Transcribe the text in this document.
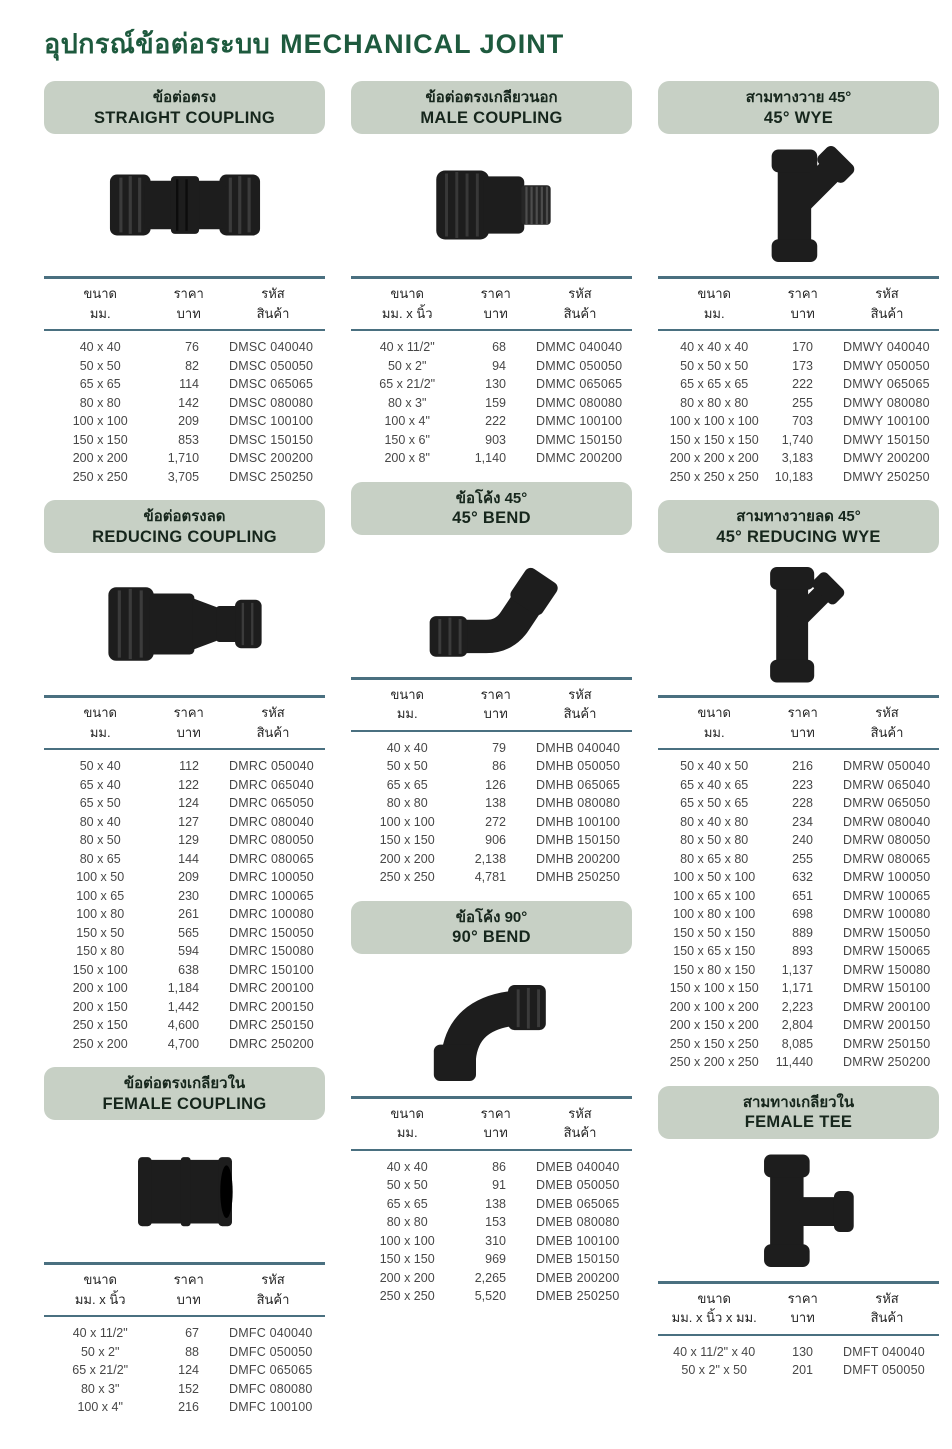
อุปกรณ์ข้อต่อระบบ MECHANICAL JOINT
ข้อต่อตรง
STRAIGHT COUPLING
ขนาด
มม.

ราคา
บาท

รหัส
สินค้า

40 x 40	76	DMSC 040040
50 x 50	82	DMSC 050050
65 x 65	114	DMSC 065065
80 x 80	142	DMSC 080080
100 x 100	209	DMSC 100100
150 x 150	853	DMSC 150150
200 x 200	1,710	DMSC 200200
250 x 250	3,705	DMSC 250250
ข้อต่อตรงลด
REDUCING COUPLING
ขนาด
มม.

ราคา
บาท

รหัส
สินค้า

50 x 40	112	DMRC 050040
65 x 40	122	DMRC 065040
65 x 50	124	DMRC 065050
80 x 40	127	DMRC 080040
80 x 50	129	DMRC 080050
80 x 65	144	DMRC 080065
100 x 50	209	DMRC 100050
100 x 65	230	DMRC 100065
100 x 80	261	DMRC 100080
150 x 50	565	DMRC 150050
150 x 80	594	DMRC 150080
150 x 100	638	DMRC 150100
200 x 100	1,184	DMRC 200100
200 x 150	1,442	DMRC 200150
250 x 150	4,600	DMRC 250150
250 x 200	4,700	DMRC 250200
ข้อต่อตรงเกลียวใน
FEMALE COUPLING
ขนาด
มม. x นิ้ว

ราคา
บาท

รหัส
สินค้า

40 x 11/2"	67	DMFC 040040
50 x 2"	88	DMFC 050050
65 x 21/2"	124	DMFC 065065
80 x 3"	152	DMFC 080080
100 x 4"	216	DMFC 100100
ข้อต่อตรงเกลียวนอก
MALE COUPLING
ขนาด
มม. x นิ้ว

ราคา
บาท

รหัส
สินค้า

40 x 11/2"	68	DMMC 040040
50 x 2"	94	DMMC 050050
65 x 21/2"	130	DMMC 065065
80 x 3"	159	DMMC 080080
100 x 4"	222	DMMC 100100
150 x 6"	903	DMMC 150150
200 x 8"	1,140	DMMC 200200
ข้อโค้ง 45°
45° BEND
ขนาด
มม.

ราคา
บาท

รหัส
สินค้า

40 x 40	79	DMHB 040040
50 x 50	86	DMHB 050050
65 x 65	126	DMHB 065065
80 x 80	138	DMHB 080080
100 x 100	272	DMHB 100100
150 x 150	906	DMHB 150150
200 x 200	2,138	DMHB 200200
250 x 250	4,781	DMHB 250250
ข้อโค้ง 90°
90° BEND
ขนาด
มม.

ราคา
บาท

รหัส
สินค้า

40 x 40	86	DMEB 040040
50 x 50	91	DMEB 050050
65 x 65	138	DMEB 065065
80 x 80	153	DMEB 080080
100 x 100	310	DMEB 100100
150 x 150	969	DMEB 150150
200 x 200	2,265	DMEB 200200
250 x 250	5,520	DMEB 250250
สามทางวาย 45°
45° WYE
ขนาด
มม.

ราคา
บาท

รหัส
สินค้า

40 x 40 x 40	170	DMWY 040040
50 x 50 x 50	173	DMWY 050050
65 x 65 x 65	222	DMWY 065065
80 x 80 x 80	255	DMWY 080080
100 x 100 x 100	703	DMWY 100100
150 x 150 x 150	1,740	DMWY 150150
200 x 200 x 200	3,183	DMWY 200200
250 x 250 x 250	10,183	DMWY 250250
สามทางวายลด 45°
45° REDUCING WYE
ขนาด
มม.

ราคา
บาท

รหัส
สินค้า

50 x 40 x 50	216	DMRW 050040
65 x 40 x 65	223	DMRW 065040
65 x 50 x 65	228	DMRW 065050
80 x 40 x 80	234	DMRW 080040
80 x 50 x 80	240	DMRW 080050
80 x 65 x 80	255	DMRW 080065
100 x 50 x 100	632	DMRW 100050
100 x 65 x 100	651	DMRW 100065
100 x 80 x 100	698	DMRW 100080
150 x 50 x 150	889	DMRW 150050
150 x 65 x 150	893	DMRW 150065
150 x 80 x 150	1,137	DMRW 150080
150 x 100 x 150	1,171	DMRW 150100
200 x 100 x 200	2,223	DMRW 200100
200 x 150 x 200	2,804	DMRW 200150
250 x 150 x 250	8,085	DMRW 250150
250 x 200 x 250	11,440	DMRW 250200
สามทางเกลียวใน
FEMALE TEE
ขนาด
มม. x นิ้ว x มม.

ราคา
บาท

รหัส
สินค้า

40 x 11/2" x 40	130	DMFT 040040
50 x 2" x 50	201	DMFT 050050
